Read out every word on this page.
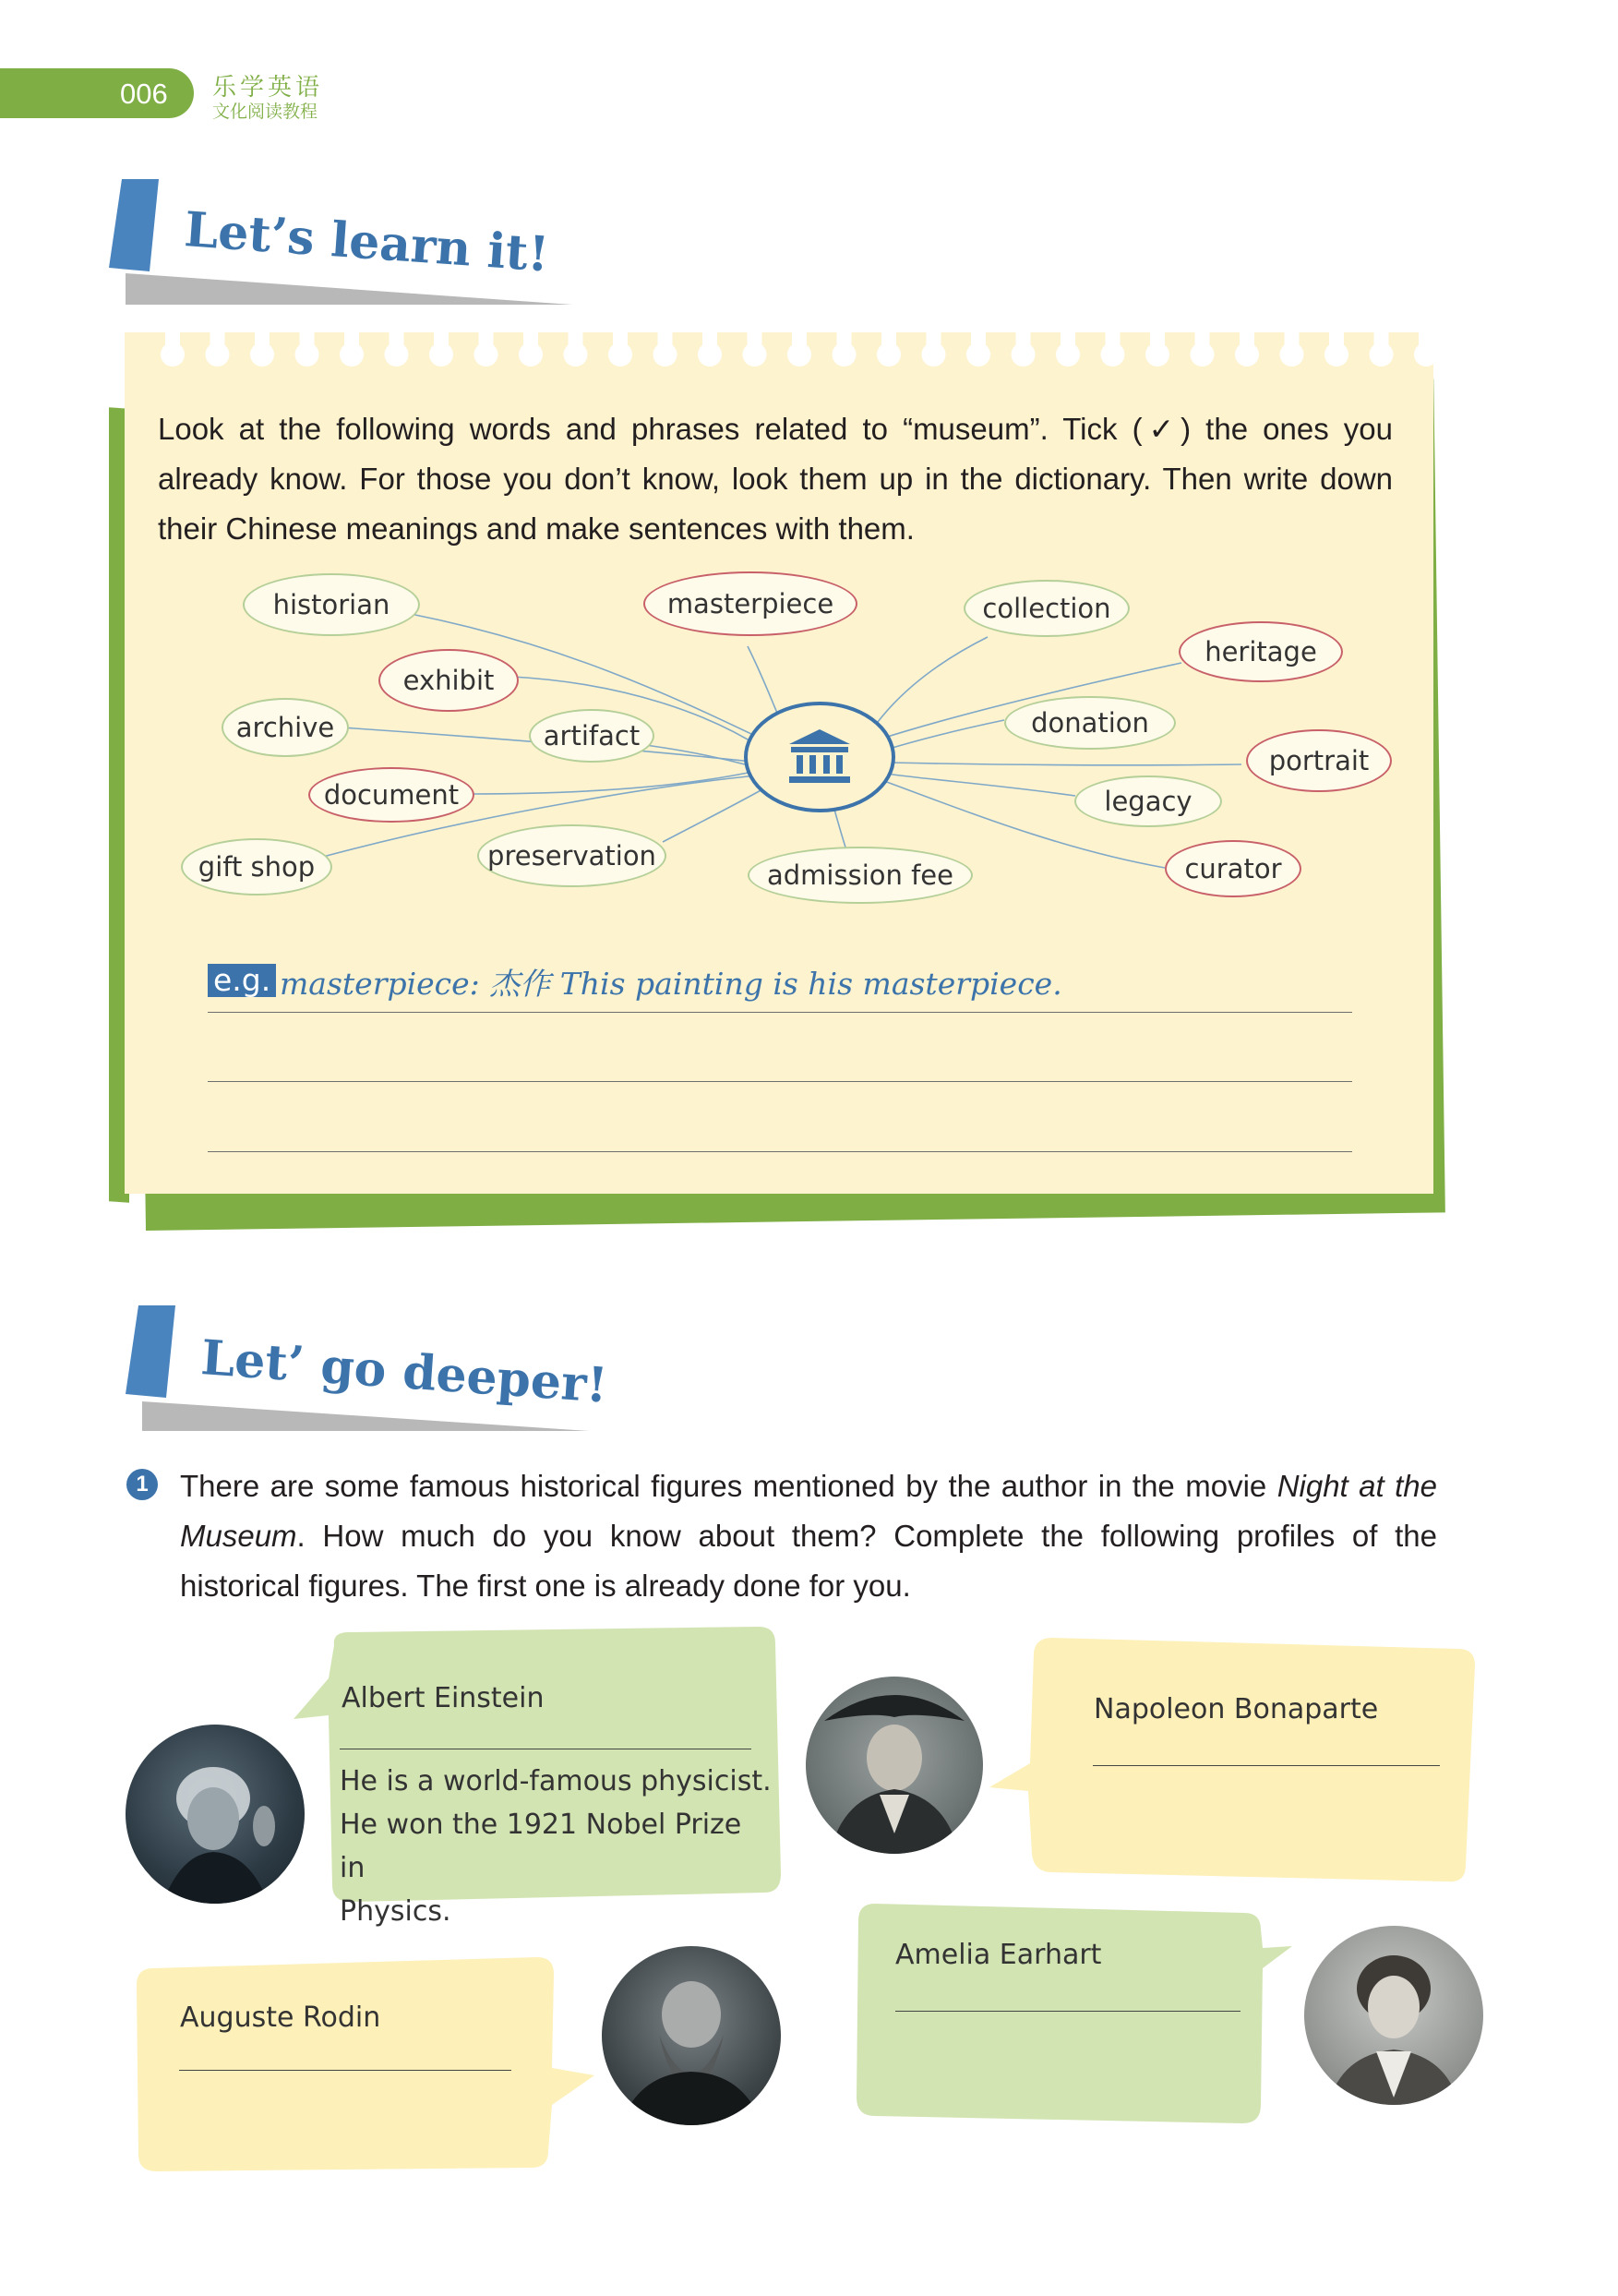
006 乐学英语
文化阅读教程
Let’s learn it!
Look at the following words and phrases related to “museum”. Tick (✓) the ones you already know. For those you don’t know, look them up in the dictionary. Then write down their Chinese meanings and make sentences with them.
historian	masterpiece	collection
heritage
exhibit
archive	artifact	donation
portrait
document	legacy
gift shop	preservation
admission fee	curator
e.g. masterpiece: 杰作 This painting is his masterpiece.
Let’ go deeper!
1	There are some famous historical figures mentioned by the author in the movie Night at the Museum. How much do you know about them? Complete the following profiles of the historical figures. The first one is already done for you.
Albert Einstein
He is a world-famous physicist.
He won the 1921 Nobel Prize in
Physics.
Napoleon Bonaparte
Auguste Rodin
Amelia Earhart
